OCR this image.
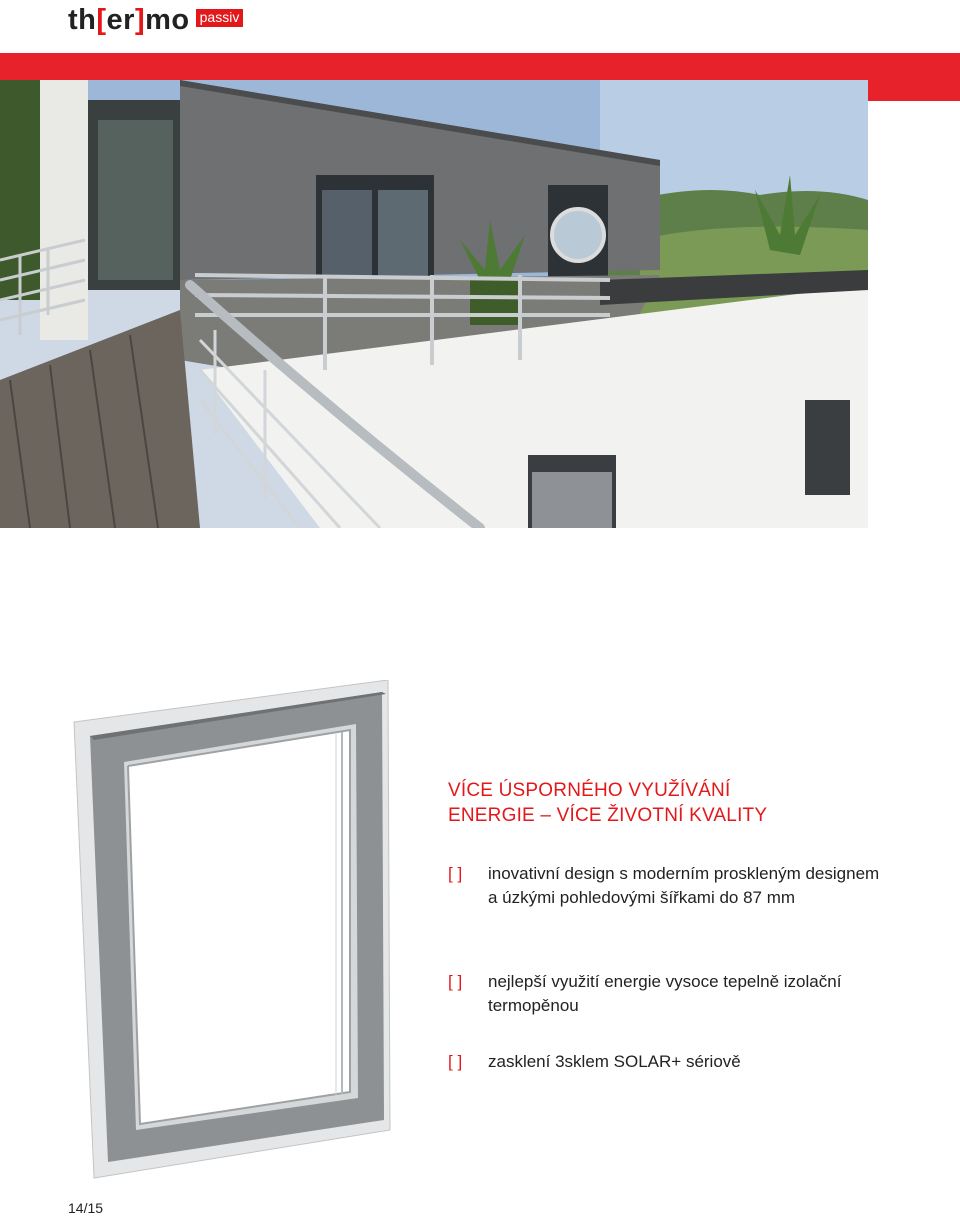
th[er]mo passiv
VÍCE ÚSPORNÉHO VYUŽÍVÁNÍ
ENERGIE – VÍCE ŽIVOTNÍ KVALITY
[ ]	inovativní design s moderním proskleným designem a úzkými pohledovými šířkami do 87 mm
[ ]	nejlepší využití energie vysoce tepelně izolační termopěnou
[ ]	zasklení 3sklem SOLAR+ sériově
14/15
